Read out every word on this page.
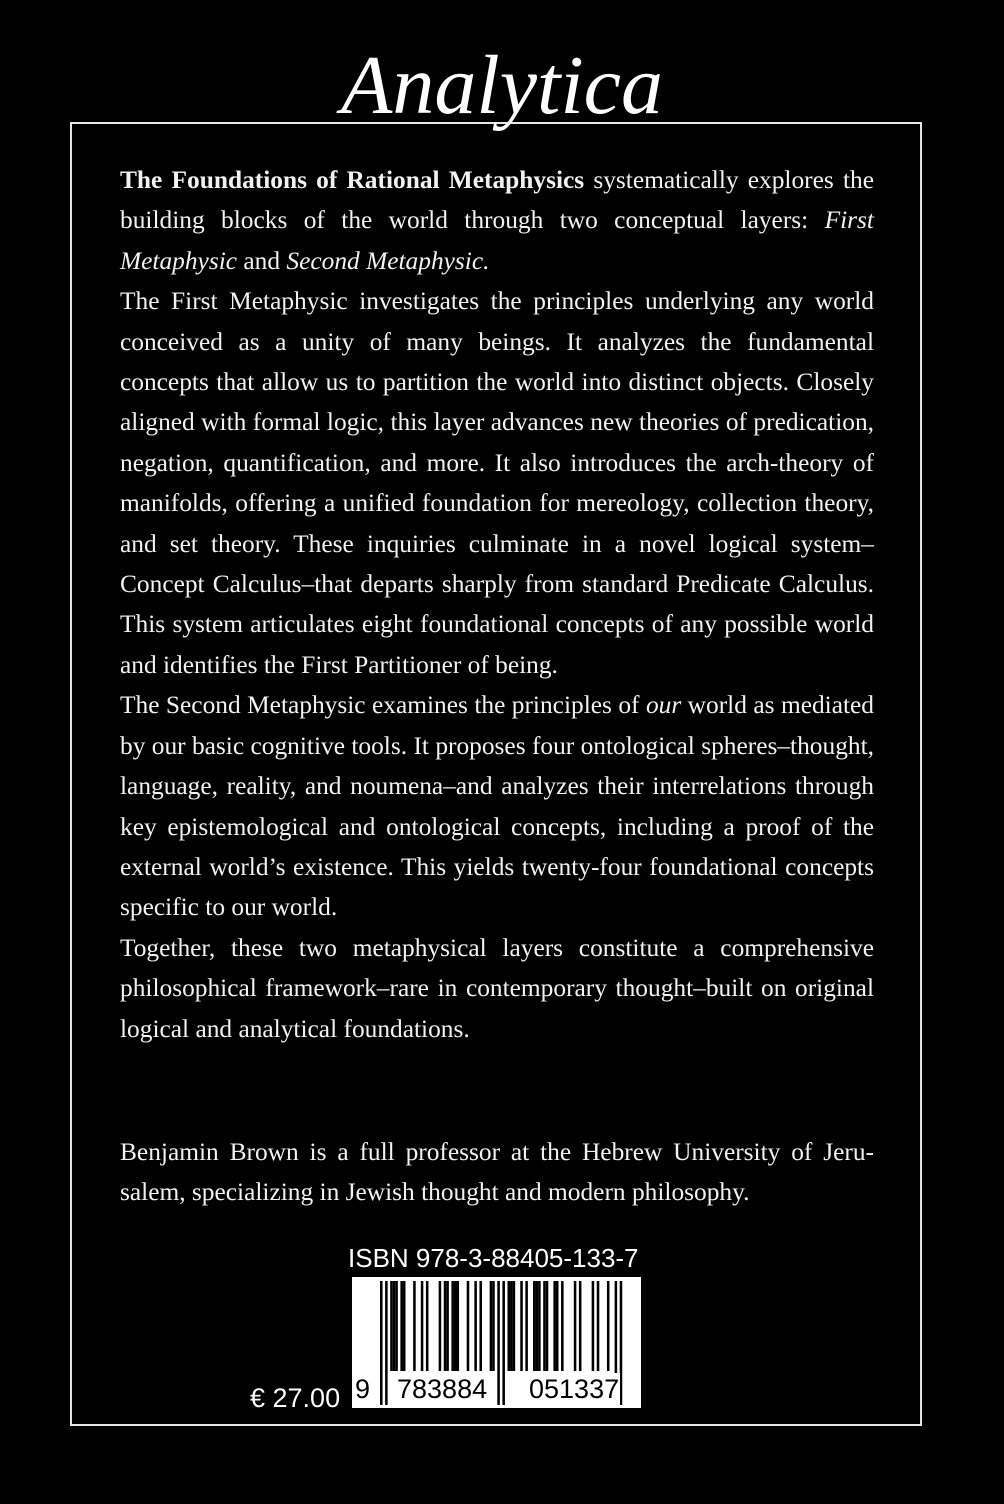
Analytica

The Foundations of Rational Metaphysics systematically explores the building blocks of the world through two conceptual layers: First Metaphysic and Second Metaphysic.

The First Metaphysic investigates the principles underlying any world conceived as a unity of many beings. It analyzes the fundamental concepts that allow us to partition the world into distinct objects. Closely aligned with formal logic, this layer advances new theories of predication, negation, quantification, and more. It also introduces the arch-theory of manifolds, offering a unified foundation for mereology, collection theory, and set theory. These inquiries culminate in a novel logical system–Concept Calculus–that departs sharply from standard Predicate Calculus. This system articulates eight foundational concepts of any possible world and identifies the First Partitioner of being.

The Second Metaphysic examines the principles of our world as mediated by our basic cognitive tools. It proposes four ontological spheres–thought, language, reality, and noumena–and analyzes their interrelations through key epistemological and ontological concepts, including a proof of the external world’s existence. This yields twenty-four foundational concepts specific to our world.

Together, these two metaphysical layers constitute a comprehensive philosophical framework–rare in contemporary thought–built on original logical and analytical foundations.

Benjamin Brown is a full professor at the Hebrew University of Jerusalem, specializing in Jewish thought and modern philosophy.

ISBN 978-3-88405-133-7
€ 27.00 9 783884 051337
